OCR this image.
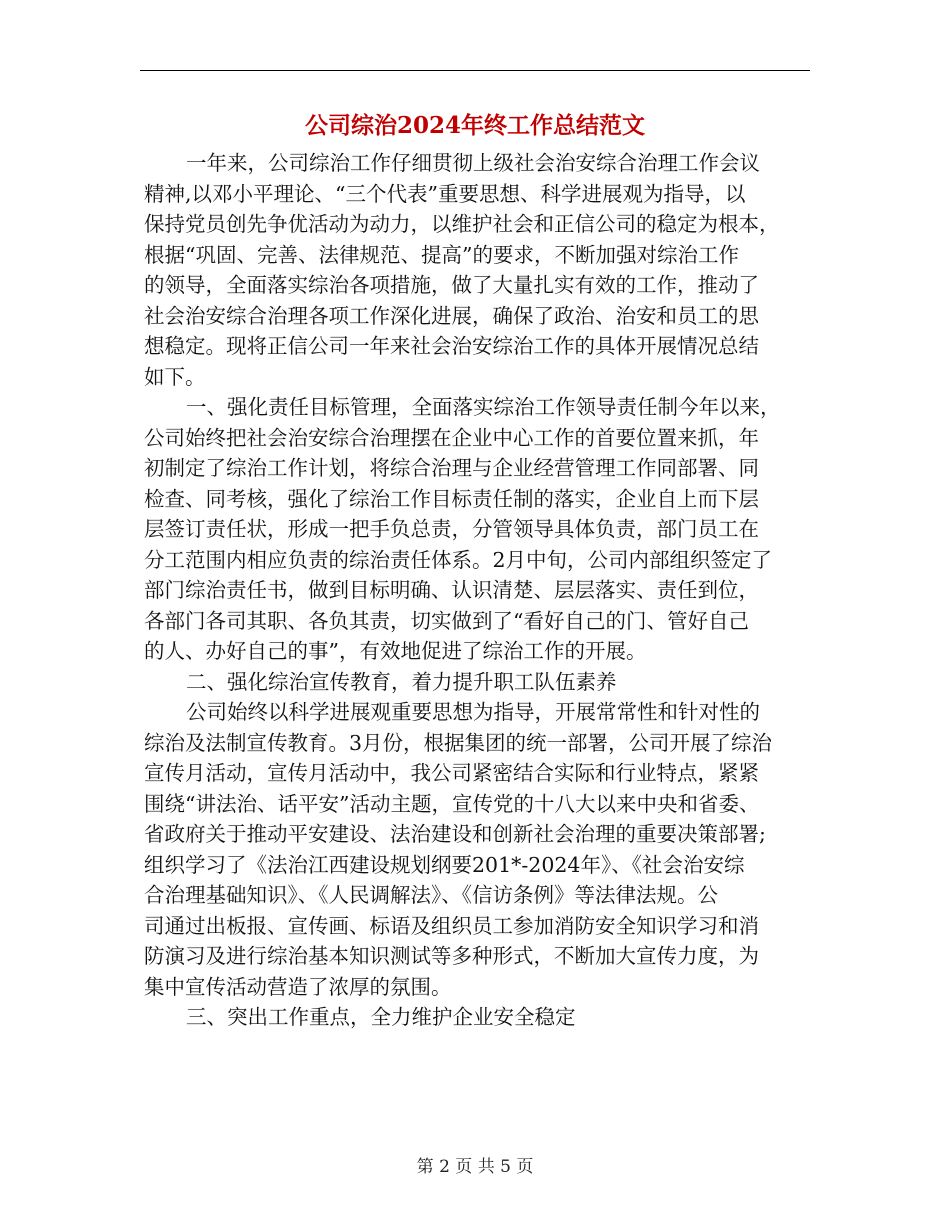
公司综治2024年终工作总结范文

一年来，公司综治工作仔细贯彻上级社会治安综合治理工作会议
精神,以邓小平理论、“三个代表”重要思想、科学进展观为指导，以
保持党员创先争优活动为动力，以维护社会和正信公司的稳定为根本，
根据“巩固、完善、法律规范、提高”的要求，不断加强对综治工作
的领导，全面落实综治各项措施，做了大量扎实有效的工作，推动了
社会治安综合治理各项工作深化进展，确保了政治、治安和员工的思
想稳定。现将正信公司一年来社会治安综治工作的具体开展情况总结
如下。

一、强化责任目标管理，全面落实综治工作领导责任制今年以来，
公司始终把社会治安综合治理摆在企业中心工作的首要位置来抓，年
初制定了综治工作计划，将综合治理与企业经营管理工作同部署、同
检查、同考核，强化了综治工作目标责任制的落实，企业自上而下层
层签订责任状，形成一把手负总责，分管领导具体负责，部门员工在
分工范围内相应负责的综治责任体系。2月中旬，公司内部组织签定了
部门综治责任书，做到目标明确、认识清楚、层层落实、责任到位，
各部门各司其职、各负其责，切实做到了“看好自己的门、管好自己
的人、办好自己的事”，有效地促进了综治工作的开展。

二、强化综治宣传教育，着力提升职工队伍素养

公司始终以科学进展观重要思想为指导，开展常常性和针对性的
综治及法制宣传教育。3月份，根据集团的统一部署，公司开展了综治
宣传月活动，宣传月活动中，我公司紧密结合实际和行业特点，紧紧
围绕“讲法治、话平安”活动主题，宣传党的十八大以来中央和省委、
省政府关于推动平安建设、法治建设和创新社会治理的重要决策部署;
组织学习了《法治江西建设规划纲要201*-2024年》、《社会治安综
合治理基础知识》、《人民调解法》、《信访条例》等法律法规。公
司通过出板报、宣传画、标语及组织员工参加消防安全知识学习和消
防演习及进行综治基本知识测试等多种形式，不断加大宣传力度，为
集中宣传活动营造了浓厚的氛围。

三、突出工作重点，全力维护企业安全稳定

第 2 页 共 5 页
